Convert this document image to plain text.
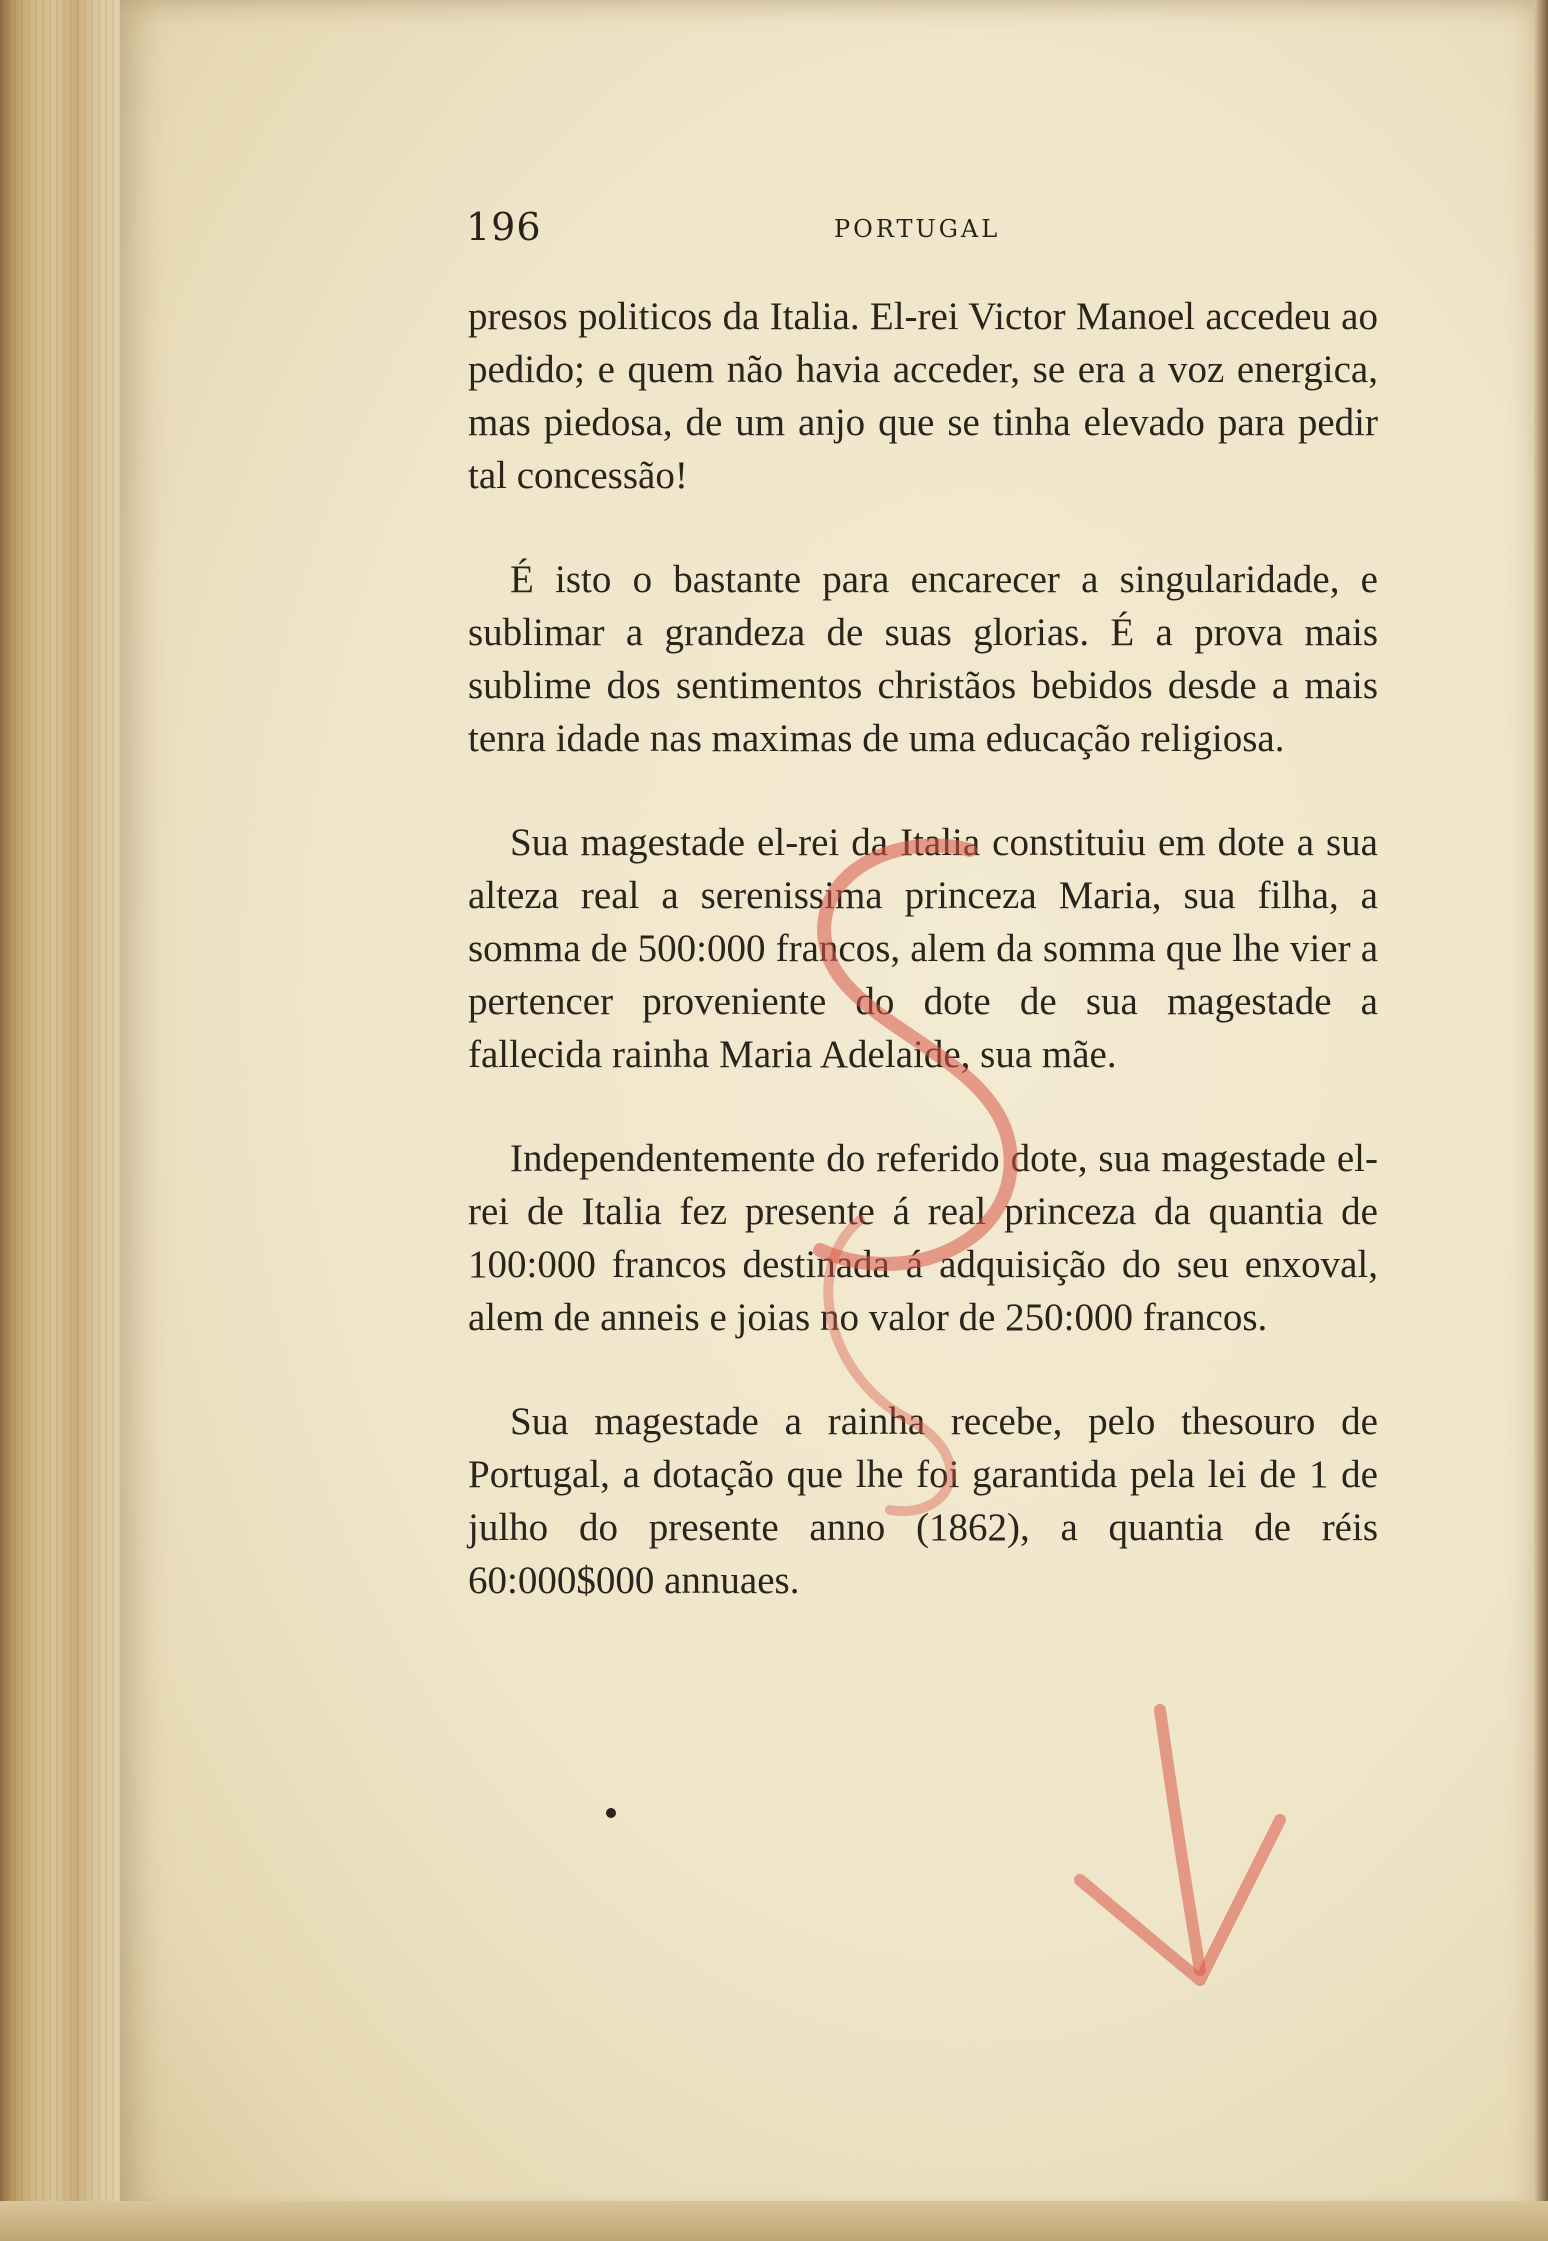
196	PORTUGAL

presos politicos da Italia. El-rei Victor Manoel accedeu ao pedido; e quem não havia acceder, se era a voz energica, mas piedosa, de um anjo que se tinha elevado para pedir tal concessão!

É isto o bastante para encarecer a singularidade, e sublimar a grandeza de suas glorias. É a prova mais sublime dos sentimentos christãos bebidos desde a mais tenra idade nas maximas de uma educação religiosa.

Sua magestade el-rei da Italia constituiu em dote a sua alteza real a serenissima princeza Maria, sua filha, a somma de 500:000 francos, alem da somma que lhe vier a pertencer proveniente do dote de sua magestade a fallecida rainha Maria Adelaide, sua mãe.

Independentemente do referido dote, sua magestade el-rei de Italia fez presente á real princeza da quantia de 100:000 francos destinada á adquisição do seu enxoval, alem de anneis e joias no valor de 250:000 francos.

Sua magestade a rainha recebe, pelo thesouro de Portugal, a dotação que lhe foi garantida pela lei de 1 de julho do presente anno (1862), a quantia de réis 60:000$000 annuaes.
